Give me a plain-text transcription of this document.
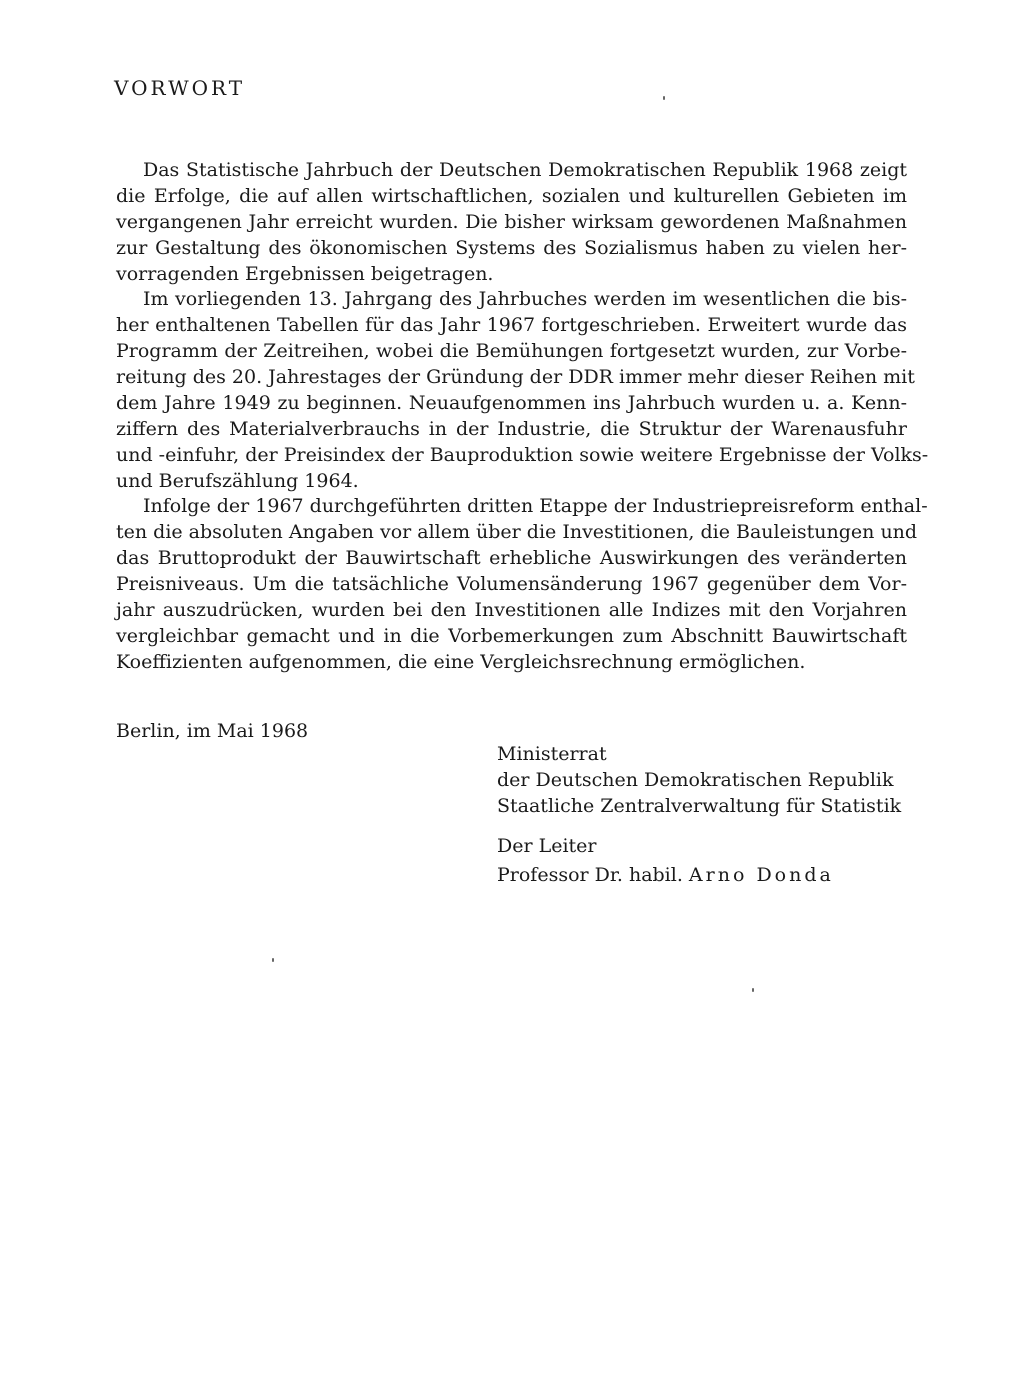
VORWORT
Das Statistische Jahrbuch der Deutschen Demokratischen Republik 1968 zeigt
die Erfolge, die auf allen wirtschaftlichen, sozialen und kulturellen Gebieten im
vergangenen Jahr erreicht wurden. Die bisher wirksam gewordenen Maßnahmen
zur Gestaltung des ökonomischen Systems des Sozialismus haben zu vielen her-
vorragenden Ergebnissen beigetragen.
Im vorliegenden 13. Jahrgang des Jahrbuches werden im wesentlichen die bis-
her enthaltenen Tabellen für das Jahr 1967 fortgeschrieben. Erweitert wurde das
Programm der Zeitreihen, wobei die Bemühungen fortgesetzt wurden, zur Vorbe-
reitung des 20. Jahrestages der Gründung der DDR immer mehr dieser Reihen mit
dem Jahre 1949 zu beginnen. Neuaufgenommen ins Jahrbuch wurden u. a. Kenn-
ziffern des Materialverbrauchs in der Industrie, die Struktur der Warenausfuhr
und -einfuhr, der Preisindex der Bauproduktion sowie weitere Ergebnisse der Volks-
und Berufszählung 1964.
Infolge der 1967 durchgeführten dritten Etappe der Industriepreisreform enthal-
ten die absoluten Angaben vor allem über die Investitionen, die Bauleistungen und
das Bruttoprodukt der Bauwirtschaft erhebliche Auswirkungen des veränderten
Preisniveaus. Um die tatsächliche Volumensänderung 1967 gegenüber dem Vor-
jahr auszudrücken, wurden bei den Investitionen alle Indizes mit den Vorjahren
vergleichbar gemacht und in die Vorbemerkungen zum Abschnitt Bauwirtschaft
Koeffizienten aufgenommen, die eine Vergleichsrechnung ermöglichen.
Berlin, im Mai 1968
Ministerrat
der Deutschen Demokratischen Republik
Staatliche Zentralverwaltung für Statistik
Der Leiter
Professor Dr. habil. Arno Donda
